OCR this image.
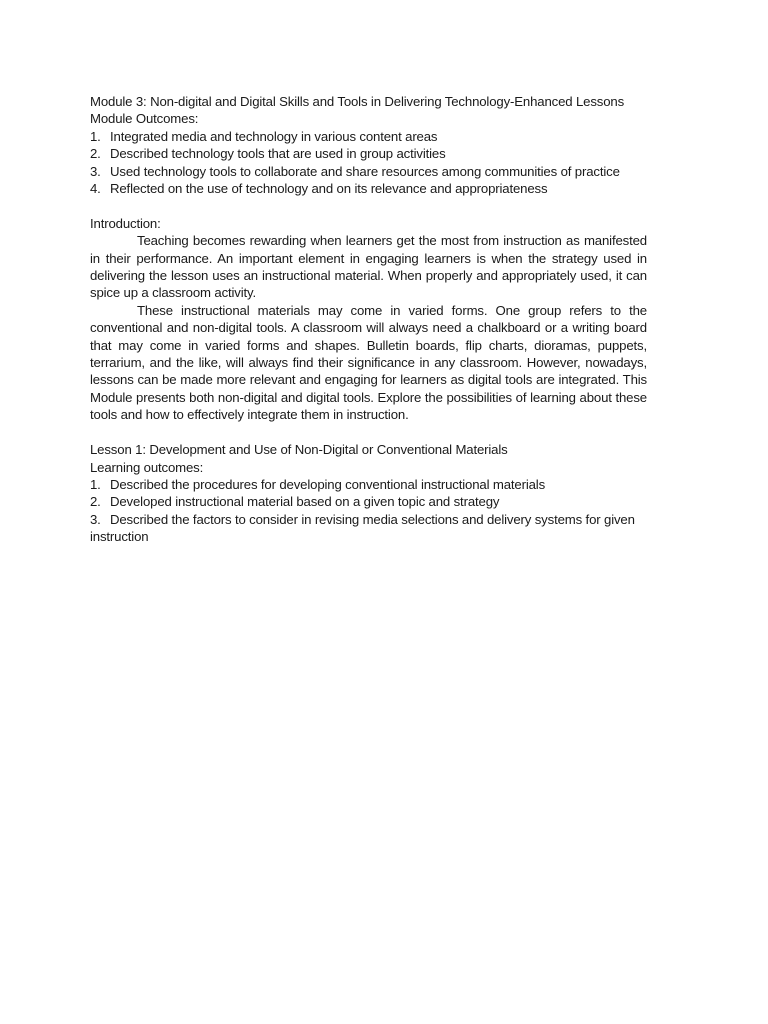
Module 3: Non-digital and Digital Skills and Tools in Delivering Technology-Enhanced Lessons

Module Outcomes:

1. Integrated media and technology in various content areas
2. Described technology tools that are used in group activities
3. Used technology tools to collaborate and share resources among communities of practice
4. Reflected on the use of technology and on its relevance and appropriateness

Introduction:

Teaching becomes rewarding when learners get the most from instruction as manifested in their performance. An important element in engaging learners is when the strategy used in delivering the lesson uses an instructional material. When properly and appropriately used, it can spice up a classroom activity.

These instructional materials may come in varied forms. One group refers to the conventional and non-digital tools. A classroom will always need a chalkboard or a writing board that may come in varied forms and shapes. Bulletin boards, flip charts, dioramas, puppets, terrarium, and the like, will always find their significance in any classroom. However, nowadays, lessons can be made more relevant and engaging for learners as digital tools are integrated. This Module presents both non-digital and digital tools. Explore the possibilities of learning about these tools and how to effectively integrate them in instruction.

Lesson 1: Development and Use of Non-Digital or Conventional Materials

Learning outcomes:

1. Described the procedures for developing conventional instructional materials
2. Developed instructional material based on a given topic and strategy
3. Described the factors to consider in revising media selections and delivery systems for given

instruction
